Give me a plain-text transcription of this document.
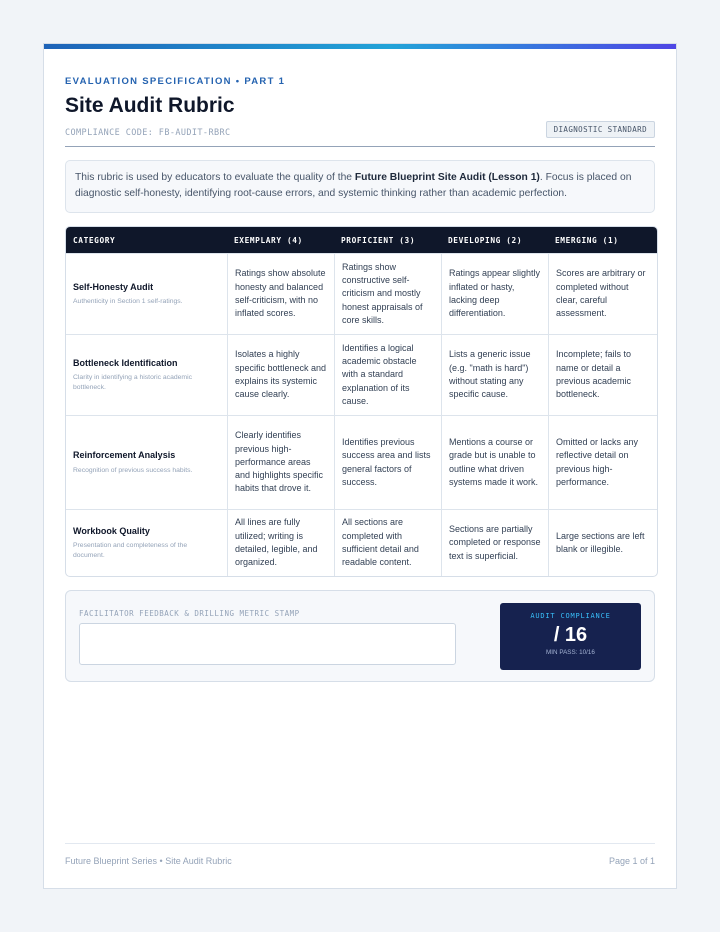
EVALUATION SPECIFICATION • PART 1
Site Audit Rubric
COMPLIANCE CODE: FB-AUDIT-RBRC	DIAGNOSTIC STANDARD
This rubric is used by educators to evaluate the quality of the Future Blueprint Site Audit (Lesson 1). Focus is placed on diagnostic self-honesty, identifying root-cause errors, and systemic thinking rather than academic perfection.
CATEGORY	EXEMPLARY (4)	PROFICIENT (3)	DEVELOPING (2)	EMERGING (1)

Self-Honesty Audit
Authenticity in Section 1 self-ratings.	Ratings show absolute honesty and balanced self-criticism, with no inflated scores.	Ratings show constructive self-criticism and mostly honest appraisals of core skills.	Ratings appear slightly inflated or hasty, lacking deep differentiation.	Scores are arbitrary or completed without clear, careful assessment.

Bottleneck Identification
Clarity in identifying a historic academic bottleneck.	Isolates a highly specific bottleneck and explains its systemic cause clearly.	Identifies a logical academic obstacle with a standard explanation of its cause.	Lists a generic issue (e.g. "math is hard") without stating any specific cause.	Incomplete; fails to name or detail a previous academic bottleneck.

Reinforcement Analysis
Recognition of previous success habits.	Clearly identifies previous high-performance areas and highlights specific habits that drove it.	Identifies previous success area and lists general factors of success.	Mentions a course or grade but is unable to outline what driven systems made it work.	Omitted or lacks any reflective detail on previous high-performance.

Workbook Quality
Presentation and completeness of the document.	All lines are fully utilized; writing is detailed, legible, and organized.	All sections are completed with sufficient detail and readable content.	Sections are partially completed or response text is superficial.	Large sections are left blank or illegible.
FACILITATOR FEEDBACK & DRILLING METRIC STAMP	AUDIT COMPLIANCE
/ 16
MIN PASS: 10/16
Future Blueprint Series • Site Audit Rubric	Page 1 of 1
